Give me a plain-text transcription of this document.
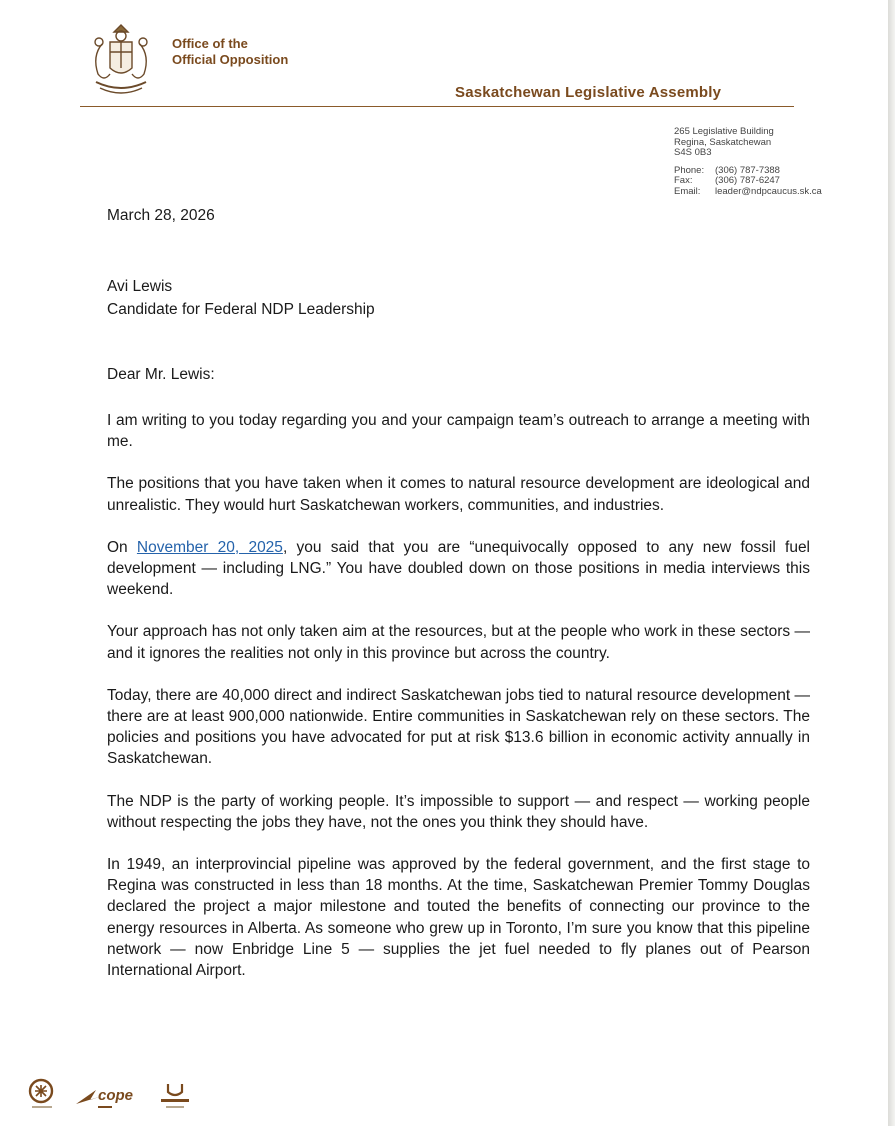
Office of the
Official Opposition
Saskatchewan Legislative Assembly
265 Legislative Building
Regina, Saskatchewan
S4S 0B3
Phone: (306) 787-7388
Fax: (306) 787-6247
Email: leader@ndpcaucus.sk.ca
March 28, 2026
Avi Lewis
Candidate for Federal NDP Leadership
Dear Mr. Lewis:

I am writing to you today regarding you and your campaign team’s outreach to arrange a meeting with me.

The positions that you have taken when it comes to natural resource development are ideological and unrealistic. They would hurt Saskatchewan workers, communities, and industries.

On November 20, 2025, you said that you are “unequivocally opposed to any new fossil fuel development — including LNG.” You have doubled down on those positions in media interviews this weekend.

Your approach has not only taken aim at the resources, but at the people who work in these sectors — and it ignores the realities not only in this province but across the country.

Today, there are 40,000 direct and indirect Saskatchewan jobs tied to natural resource development — there are at least 900,000 nationwide. Entire communities in Saskatchewan rely on these sectors. The policies and positions you have advocated for put at risk $13.6 billion in economic activity annually in Saskatchewan.

The NDP is the party of working people. It’s impossible to support — and respect — working people without respecting the jobs they have, not the ones you think they should have.

In 1949, an interprovincial pipeline was approved by the federal government, and the first stage to Regina was constructed in less than 18 months. At the time, Saskatchewan Premier Tommy Douglas declared the project a major milestone and touted the benefits of connecting our province to the energy resources in Alberta. As someone who grew up in Toronto, I’m sure you know that this pipeline network — now Enbridge Line 5 — supplies the jet fuel needed to fly planes out of Pearson International Airport.

cope
